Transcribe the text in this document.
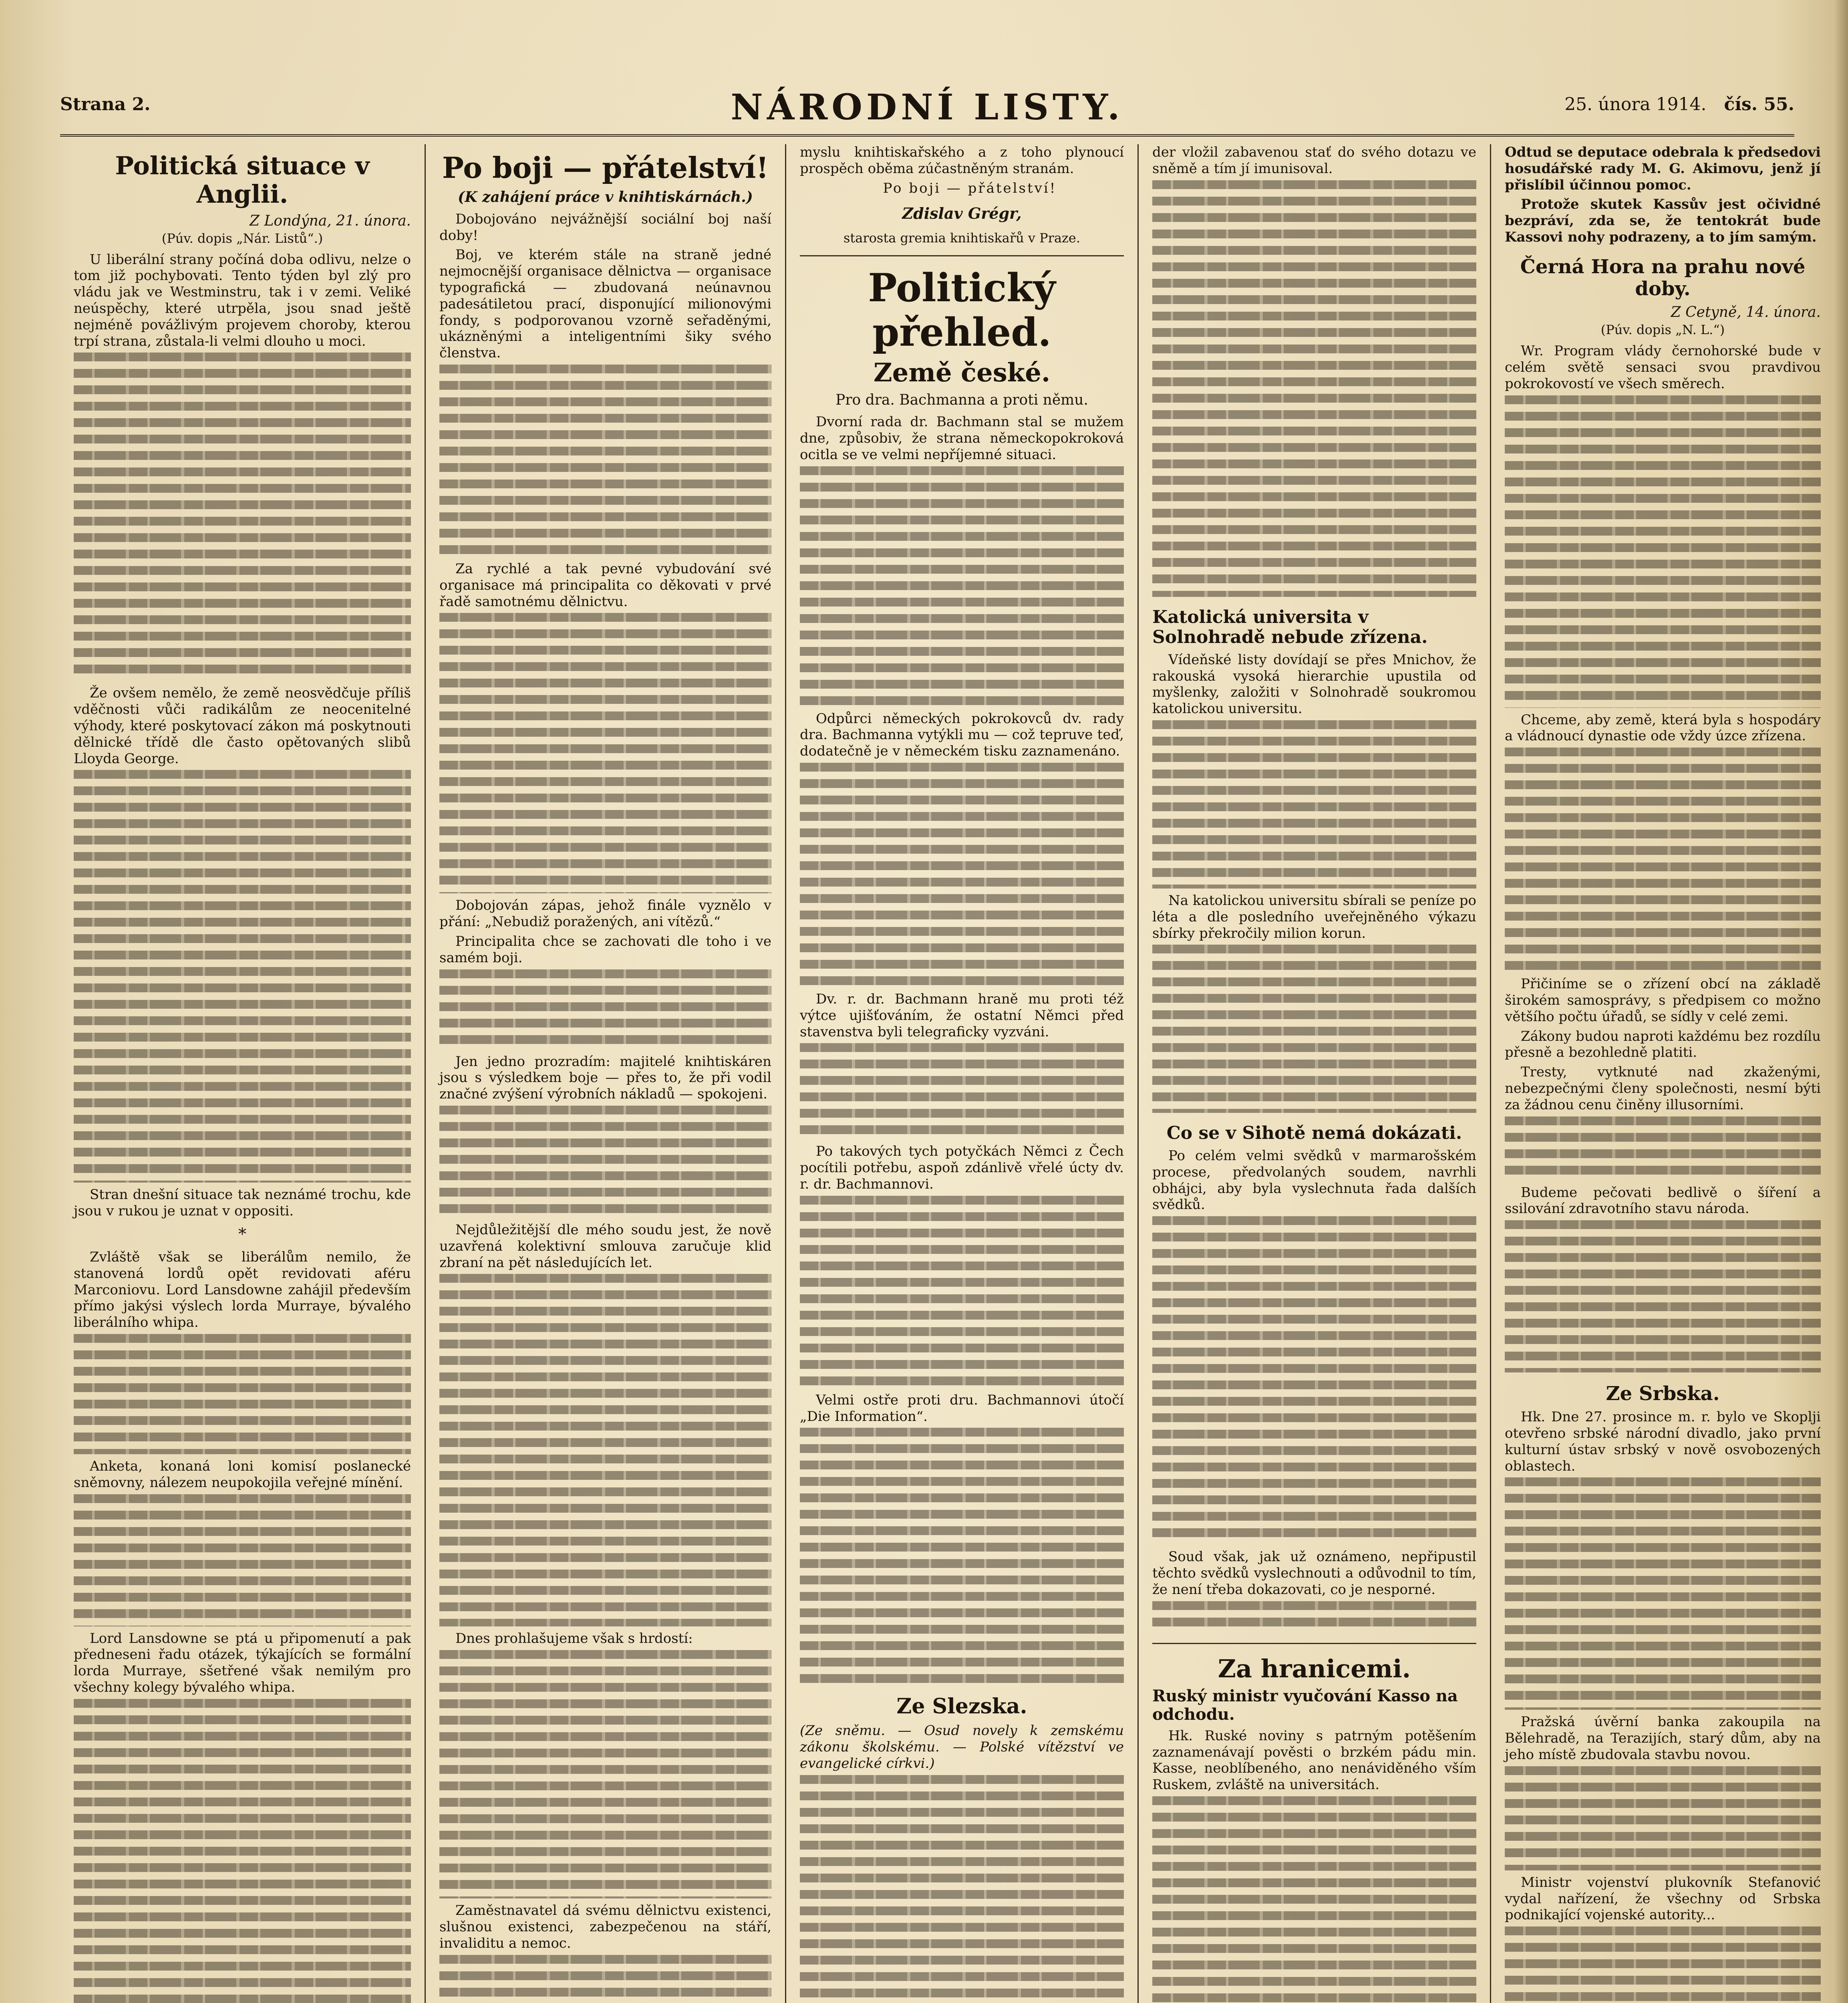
Strana 2.	NÁRODNÍ LISTY.	25. února 1914. čís. 55.
Politická situace v Anglii.
Z Londýna, 21. února.
(Púv. dopis „Nár. Listů“.)

U liberální strany počíná doba odlivu, nelze o tom již pochybovati. Tento týden byl zlý pro vládu jak ve Westminstru, tak i v zemi. Veliké neúspěchy, které utrpěla, jsou snad ještě nejméně povážlivým projevem choroby, kterou trpí strana, zůstala-li velmi dlouho u moci.

Že ovšem nemělo, že země neosvědčuje příliš vděčnosti vůči radikálům ze neocenitelné výhody, které poskytovací zákon má poskytnouti dělnické třídě dle často opětovaných slibů Lloyda George.

Stran dnešní situace tak neznámé trochu, kde jsou v rukou je uznat v oppositi.

*

Zvláště však se liberálům nemilo, že stanovená lordů opět revidovati aféru Marconiovu. Lord Lansdowne zahájil především přímo jakýsi výslech lorda Murraye, bývalého liberálního whipa.

Anketa, konaná loni komisí poslanecké sněmovny, nálezem neupokojila veřejné mínění.

Lord Lansdowne se ptá u připomenutí a pak předneseni řadu otázek, týkajících se formální lorda Murraye, sšetřené však nemilým pro všechny kolegy bývalého whipa.

Po boji — přátelství!
(K zahájení práce v knihtiskárnách.)

Dobojováno nejvážnější sociální boj naší doby!

Boj, ve kterém stále na straně jedné nejmocnější organisace dělnictva — organisace typografická — zbudovaná neúnavnou padesátiletou prací, disponující milionovými fondy, s podporovanou vzorně seřaděnými, ukázněnými a inteligentními šiky svého členstva.

Za rychlé a tak pevné vybudování své organisace má principalita co děkovati v prvé řadě samotnému dělnictvu.

Dobojován zápas, jehož finále vyznělo v přání: „Nebudiž poražených, ani vítězů.“

Principalita chce se zachovati dle toho i ve samém boji.

Jen jedno prozradím: majitelé knihtiskáren jsou s výsledkem boje — přes to, že při vodil značné zvýšení výrobních nákladů — spokojeni.

Nejdůležitější dle mého soudu jest, že nově uzavřená kolektivní smlouva zaručuje klid zbraní na pět následujících let.

Dnes prohlašujeme však s hrdostí:

Zaměstnavatel dá svému dělnictvu existenci, slušnou existenci, zabezpečenou na stáří, invaliditu a nemoc.

myslu knihtiskařského a z toho plynoucí prospěch oběma zúčastněným stranám.

Po boji — přátelství!

Zdislav Grégr,
starosta gremia knihtiskařů v Praze.
Politický přehled.
Země české.
Pro dra. Bachmanna a proti němu.

Dvorní rada dr. Bachmann stal se mužem dne, způsobiv, že strana německopokroková ocitla se ve velmi nepříjemné situaci.

Odpůrci německých pokrokovců dv. rady dra. Bachmanna vytýkli mu — což tepruve teď, dodatečně je v německém tisku zaznamenáno.

Dv. r. dr. Bachmann hraně mu proti též výtce ujišťováním, že ostatní Němci před stavenstva byli telegraficky vyzváni.

Po takových tych potyčkách Němci z Čech pocítili potřebu, aspoň zdánlivě vřelé úcty dv. r. dr. Bachmannovi.

Velmi ostře proti dru. Bachmannovi útočí „Die Information“.

Ze Slezska.

(Ze sněmu. — Osud novely k zemskému zákonu školskému. — Polské vítězství ve evangelické církvi.)

der vložil zabavenou stať do svého dotazu ve sněmě a tím jí imunisoval.

Katolická universita v Solnohradě nebude zřízena.

Vídeňské listy dovídají se přes Mnichov, že rakouská vysoká hierarchie upustila od myšlenky, založiti v Solnohradě soukromou katolickou universitu.

Na katolickou universitu sbírali se peníze po léta a dle posledního uveřejněného výkazu sbírky překročily milion korun.

Co se v Sihotě nemá dokázati.

Po celém velmi svědků v marmarošském procese, předvolaných soudem, navrhli obhájci, aby byla vyslechnuta řada dalších svědků.

Soud však, jak už oznámeno, nepřipustil těchto svědků vyslechnouti a odůvodnil to tím, že není třeba dokazovati, co je nesporné.

Za hranicemi.
Ruský ministr vyučování Kasso na odchodu.

Hk. Ruské noviny s patrným potěšením zaznamenávají pověsti o brzkém pádu min. Kasse, neoblíbeného, ano nenáviděného vším Ruskem, zvláště na universitách.

Odtud se deputace odebrala k předsedovi hosudářské rady M. G. Akimovu, jenž jí přislíbil účinnou pomoc.

Protože skutek Kassův jest očividné bezpráví, zda se, že tentokrát bude Kassovi nohy podrazeny, a to jím samým.

Černá Hora na prahu nové doby.
Z Cetyně, 14. února.
(Púv. dopis „N. L.“)

Wr. Program vlády černohorské bude v celém světě sensaci svou pravdivou pokrokovostí ve všech směrech.

Chceme, aby země, která byla s hospodáry a vládnoucí dynastie ode vždy úzce zřízena.

Přičiníme se o zřízení obcí na základě širokém samosprávy, s předpisem co možno většího počtu úřadů, se sídly v celé zemi.

Zákony budou naproti každému bez rozdílu přesně a bezohledně platiti.

Tresty, vytknuté nad zkaženými, nebezpečnými členy společnosti, nesmí býti za žádnou cenu činěny illusorními.

Budeme pečovati bedlivě o šíření a ssilování zdravotního stavu národa.

Ze Srbska.

Hk. Dne 27. prosince m. r. bylo ve Skoplji otevřeno srbské národní divadlo, jako první kulturní ústav srbský v nově osvobozených oblastech.

Pražská úvěrní banka zakoupila na Bělehradě, na Terazijích, starý dům, aby na jeho místě zbudovala stavbu novou.

Ministr vojenství plukovník Stefanović vydal nařízení, že všechny od Srbska podnikající vojenské autority...
